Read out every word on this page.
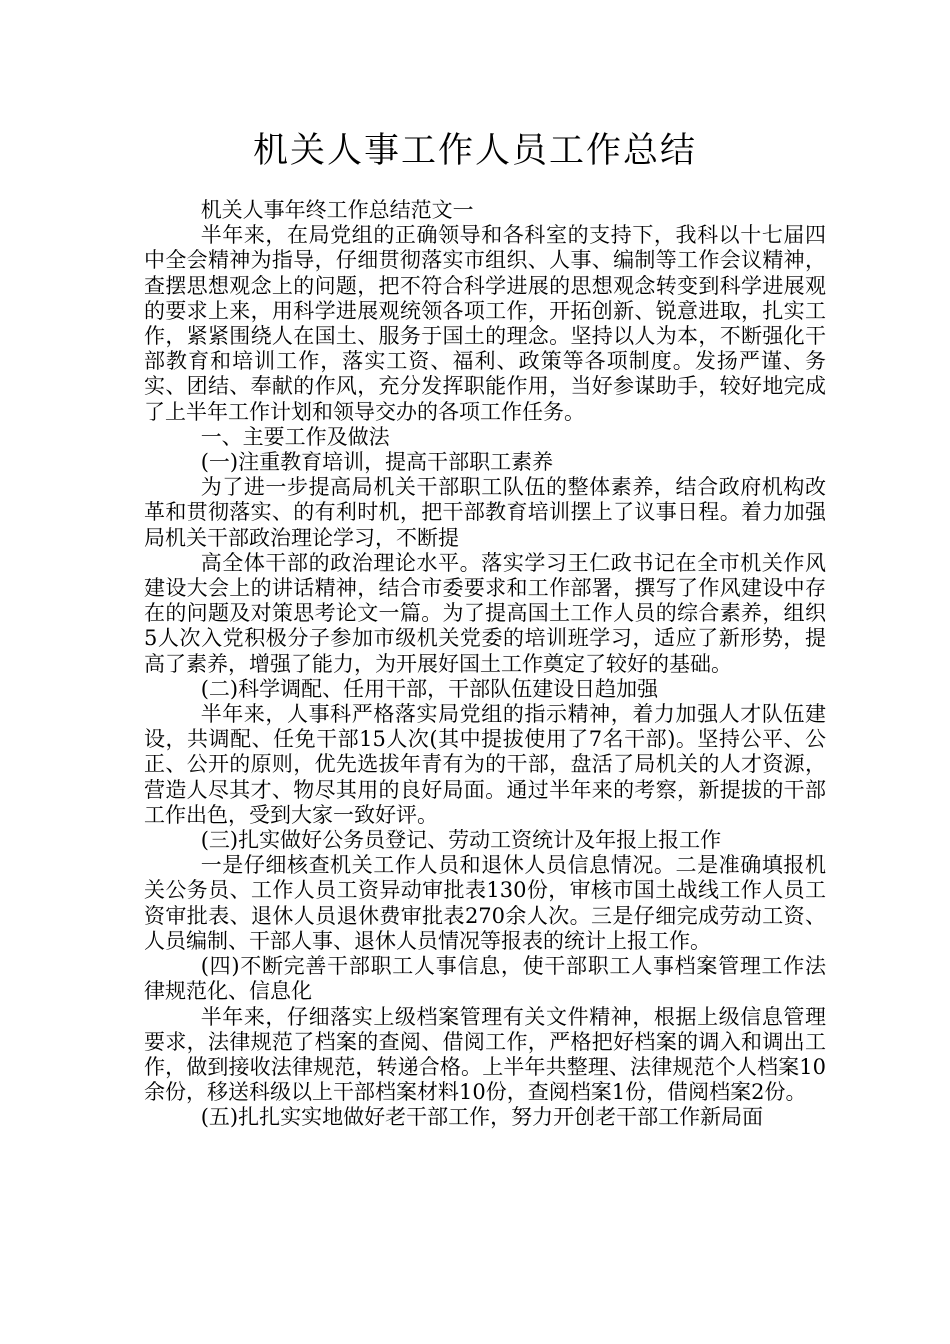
机关人事工作人员工作总结

机关人事年终工作总结范文一

半年来，在局党组的正确领导和各科室的支持下，我科以十七届四中全会精神为指导，仔细贯彻落实市组织、人事、编制等工作会议精神，查摆思想观念上的问题，把不符合科学进展的思想观念转变到科学进展观的要求上来，用科学进展观统领各项工作，开拓创新、锐意进取，扎实工作，紧紧围绕人在国土、服务于国土的理念。坚持以人为本，不断强化干部教育和培训工作，落实工资、福利、政策等各项制度。发扬严谨、务实、团结、奉献的作风，充分发挥职能作用，当好参谋助手，较好地完成了上半年工作计划和领导交办的各项工作任务。

一、主要工作及做法

(一)注重教育培训，提高干部职工素养

为了进一步提高局机关干部职工队伍的整体素养，结合政府机构改革和贯彻落实、的有利时机，把干部教育培训摆上了议事日程。着力加强局机关干部政治理论学习，不断提

高全体干部的政治理论水平。落实学习王仁政书记在全市机关作风建设大会上的讲话精神，结合市委要求和工作部署，撰写了作风建设中存在的问题及对策思考论文一篇。为了提高国土工作人员的综合素养，组织5人次入党积极分子参加市级机关党委的培训班学习，适应了新形势，提高了素养，增强了能力，为开展好国土工作奠定了较好的基础。

(二)科学调配、任用干部，干部队伍建设日趋加强

半年来，人事科严格落实局党组的指示精神，着力加强人才队伍建设，共调配、任免干部15人次(其中提拔使用了7名干部)。坚持公平、公正、公开的原则，优先选拔年青有为的干部，盘活了局机关的人才资源，营造人尽其才、物尽其用的良好局面。通过半年来的考察，新提拔的干部工作出色，受到大家一致好评。

(三)扎实做好公务员登记、劳动工资统计及年报上报工作

一是仔细核查机关工作人员和退休人员信息情况。二是准确填报机关公务员、工作人员工资异动审批表130份，审核市国土战线工作人员工资审批表、退休人员退休费审批表270余人次。三是仔细完成劳动工资、人员编制、干部人事、退休人员情况等报表的统计上报工作。

(四)不断完善干部职工人事信息，使干部职工人事档案管理工作法律规范化、信息化

半年来，仔细落实上级档案管理有关文件精神，根据上级信息管理要求，法律规范了档案的查阅、借阅工作，严格把好档案的调入和调出工作，做到接收法律规范，转递合格。上半年共整理、法律规范个人档案10余份，移送科级以上干部档案材料10份，查阅档案1份，借阅档案2份。

(五)扎扎实实地做好老干部工作，努力开创老干部工作新局面
